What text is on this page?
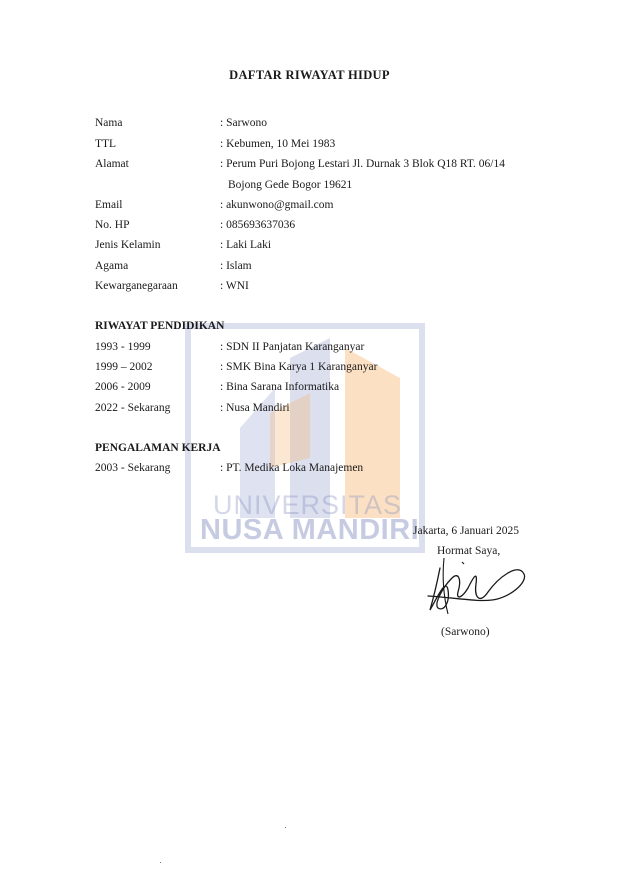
UNIVERSITAS
NUSA MANDIRI
DAFTAR RIWAYAT HIDUP
Nama	: Sarwono
TTL	: Kebumen, 10 Mei 1983
Alamat	: Perum Puri Bojong Lestari Jl. Durnak 3 Blok Q18 RT. 06/14
Bojong Gede Bogor 19621
Email	: akunwono@gmail.com
No. HP	: 085693637036
Jenis Kelamin	: Laki Laki
Agama	: Islam
Kewarganegaraan	: WNI
RIWAYAT PENDIDIKAN
1993 - 1999	: SDN II Panjatan Karanganyar
1999 – 2002	: SMK Bina Karya 1 Karanganyar
2006 - 2009	: Bina Sarana Informatika
2022 - Sekarang	: Nusa Mandiri
PENGALAMAN KERJA
2003 - Sekarang	: PT. Medika Loka Manajemen
Jakarta, 6 Januari 2025
Hormat Saya,
(Sarwono)
